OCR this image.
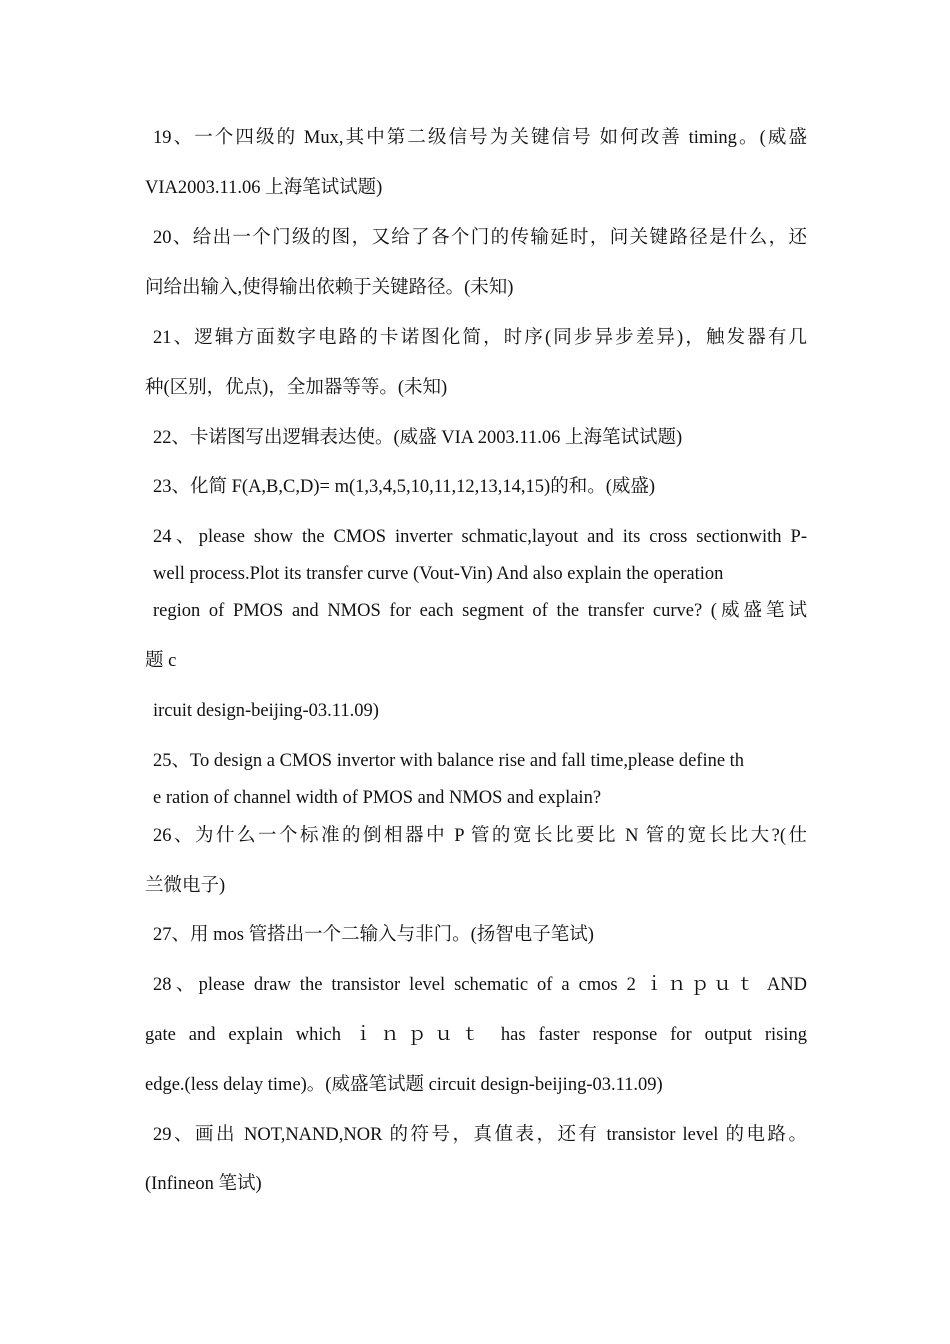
19、一个四级的 Mux,其中第二级信号为关键信号 如何改善 timing。(威盛
VIA2003.11.06 上海笔试试题)
20、给出一个门级的图，又给了各个门的传输延时，问关键路径是什么，还
问给出输入,使得输出依赖于关键路径。(未知)
21、逻辑方面数字电路的卡诺图化简，时序(同步异步差异)，触发器有几
种(区别，优点)，全加器等等。(未知)
22、卡诺图写出逻辑表达使。(威盛 VIA 2003.11.06 上海笔试试题)
23、化简 F(A,B,C,D)= m(1,3,4,5,10,11,12,13,14,15)的和。(威盛)
24、please show the CMOS inverter schmatic,layout and its cross sectionwith P-
well process.Plot its transfer curve (Vout-Vin) And also explain the operation
region of PMOS and NMOS for each segment of the transfer curve? (威盛笔试
题 c
ircuit design-beijing-03.11.09)
25、To design a CMOS invertor with balance rise and fall time,please define th
e ration of channel width of PMOS and NMOS and explain?
26、为什么一个标准的倒相器中 P 管的宽长比要比 N 管的宽长比大?(仕
兰微电子)
27、用 mos 管搭出一个二输入与非门。(扬智电子笔试)
28、please draw the transistor level schematic of a cmos 2 ｉｎｐｕｔ AND
gate and explain which ｉｎｐｕｔ has faster response for output rising
edge.(less delay time)。(威盛笔试题 circuit design-beijing-03.11.09)
29、画出 NOT,NAND,NOR 的符号，真值表，还有 transistor level 的电路。
(Infineon 笔试)
